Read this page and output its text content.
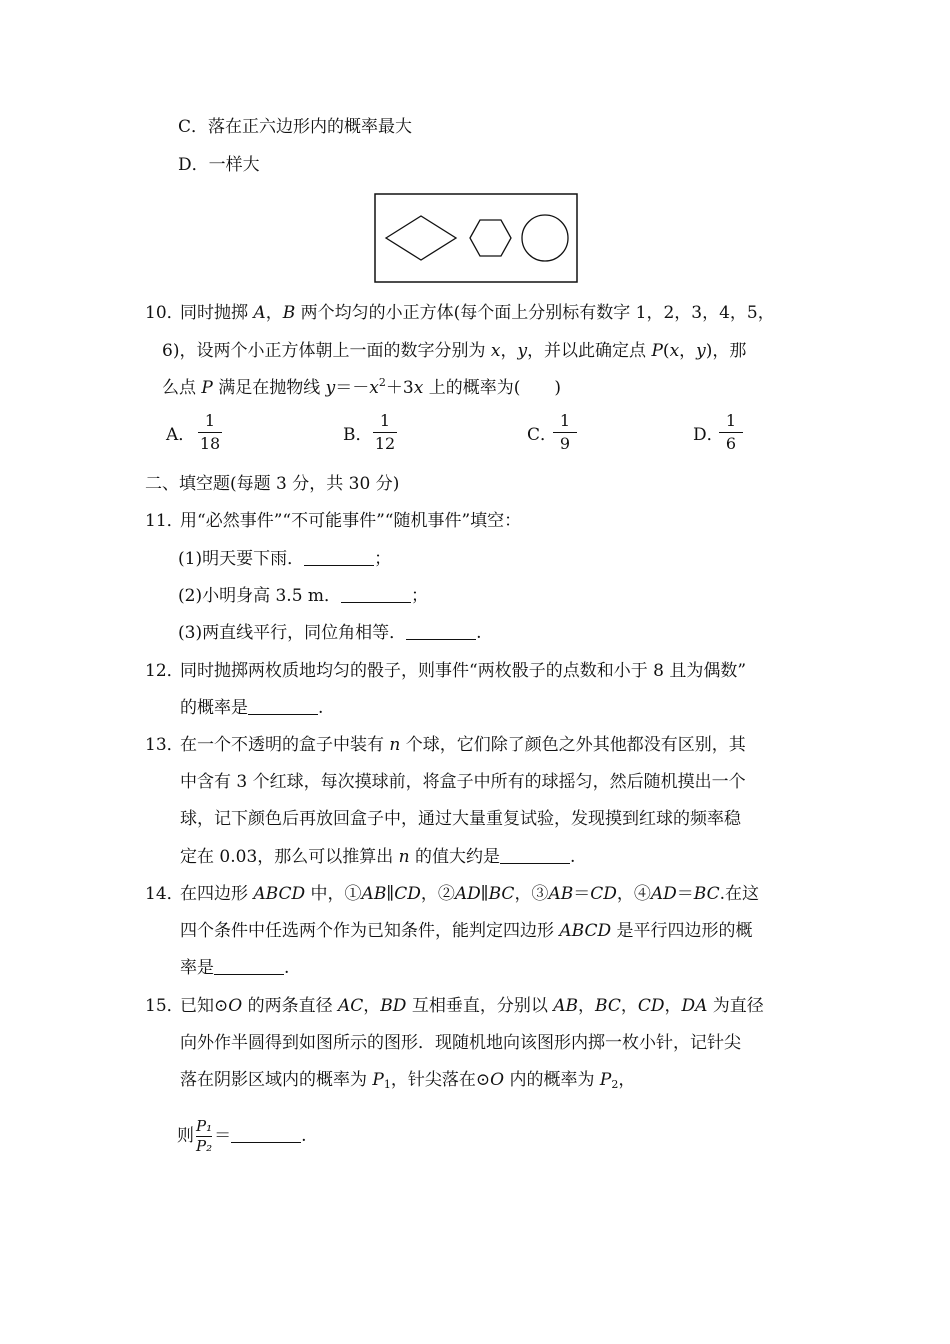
C．落在正六边形内的概率最大
D．一样大
10．
同时抛掷 A，B 两个均匀的小正方体(每个面上分别标有数字 1，2，3，4，5，
6)，设两个小正方体朝上一面的数字分别为 x，y，并以此确定点 P(x，y)，那
么点 P 满足在抛物线 $y=-x^2+3x$ 上的概率为(　　)
A．
1
18	B．
1
12	C．
1
9	D．
1
6
二、填空题(每题 3 分，共 30 分)
11．
用“必然事件”“不可能事件”“随机事件”填空：
(1)明天要下雨．	；
(2)小明身高 3.5 m．	；
(3)两直线平行，同位角相等．	.
12．
同时抛掷两枚质地均匀的骰子，则事件“两枚骰子的点数和小于 8 且为偶数”
的概率是	.
13．
在一个不透明的盒子中装有 n 个球，它们除了颜色之外其他都没有区别，其
中含有 3 个红球，每次摸球前，将盒子中所有的球摇匀，然后随机摸出一个
球，记下颜色后再放回盒子中，通过大量重复试验，发现摸到红球的频率稳
定在 0.03，那么可以推算出 n 的值大约是	.
14．
在四边形 ABCD 中，①AB∥CD，②AD∥BC，③AB＝CD，④AD＝BC.在这
四个条件中任选两个作为已知条件，能判定四边形 ABCD 是平行四边形的概
率是	.
15．
已知⊙O 的两条直径 AC，BD 互相垂直，分别以 AB，BC，CD，DA 为直径
向外作半圆得到如图所示的图形．现随机地向该图形内掷一枚小针，记针尖
落在阴影区域内的概率为 $P_1$，针尖落在⊙O 内的概率为 $P_2$，
则 $\frac{\text{P₁}}{\text{P₂}}$ ＝	.
